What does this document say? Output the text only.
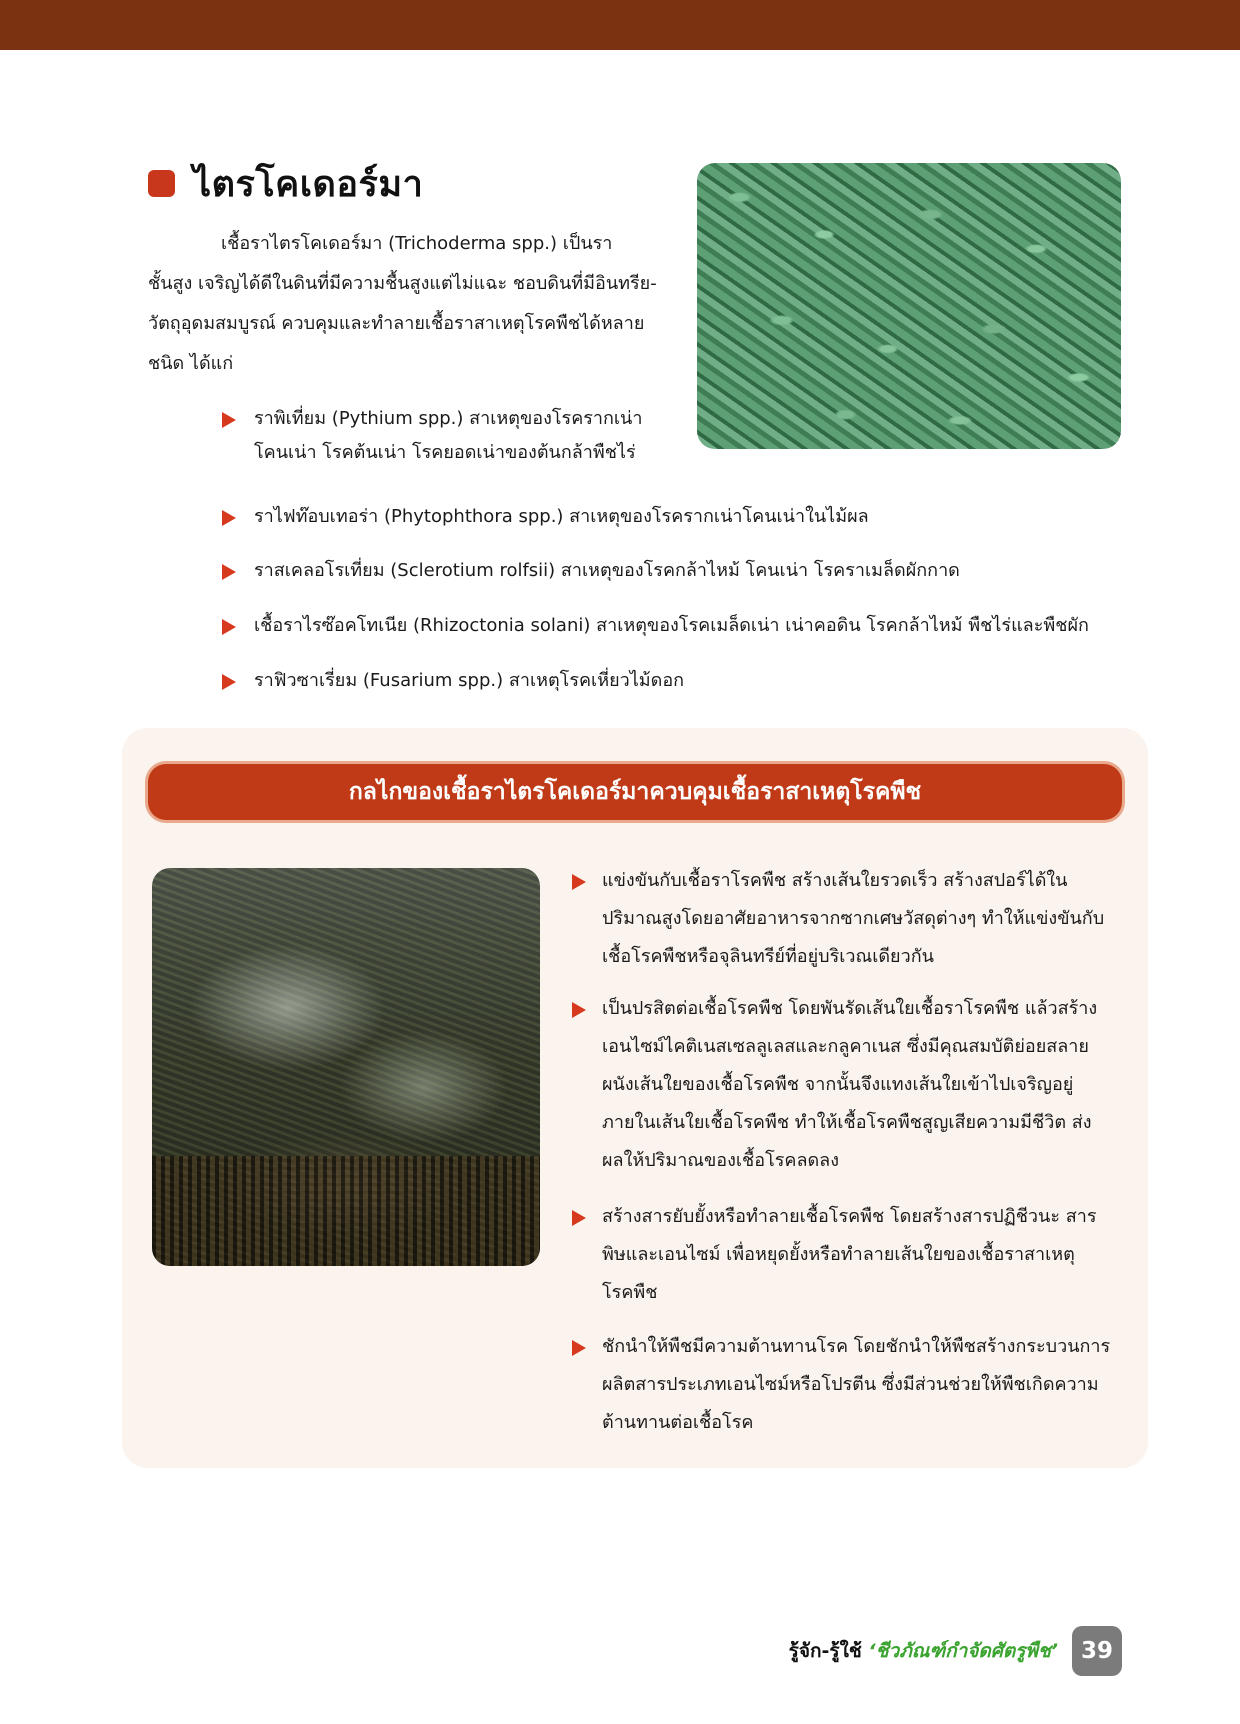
ไตรโคเดอร์มา
เชื้อราไตรโคเดอร์มา (Trichoderma spp.) เป็นรา
ชั้นสูง เจริญได้ดีในดินที่มีความชื้นสูงแต่ไม่แฉะ ชอบดินที่มีอินทรีย-
วัตถุอุดมสมบูรณ์ ควบคุมและทำลายเชื้อราสาเหตุโรคพืชได้หลาย
ชนิด ได้แก่
ราพิเที่ยม (Pythium spp.) สาเหตุของโรครากเน่า
โคนเน่า โรคต้นเน่า โรคยอดเน่าของต้นกล้าพืชไร่
ราไฟท๊อบเทอร่า (Phytophthora spp.) สาเหตุของโรครากเน่าโคนเน่าในไม้ผล
ราสเคลอโรเที่ยม (Sclerotium rolfsii) สาเหตุของโรคกล้าไหม้ โคนเน่า โรคราเมล็ดผักกาด
เชื้อราไรซ๊อคโทเนีย (Rhizoctonia solani) สาเหตุของโรคเมล็ดเน่า เน่าคอดิน โรคกล้าไหม้ พืชไร่และพืชผัก
ราฟิวซาเรี่ยม (Fusarium spp.) สาเหตุโรคเหี่ยวไม้ดอก
กลไกของเชื้อราไตรโคเดอร์มาควบคุมเชื้อราสาเหตุโรคพืช
แข่งขันกับเชื้อราโรคพืช สร้างเส้นใยรวดเร็ว สร้างสปอร์ได้ใน
ปริมาณสูงโดยอาศัยอาหารจากซากเศษวัสดุต่างๆ ทำให้แข่งขันกับ
เชื้อโรคพืชหรือจุลินทรีย์ที่อยู่บริเวณเดียวกัน
เป็นปรสิตต่อเชื้อโรคพืช โดยพันรัดเส้นใยเชื้อราโรคพืช แล้วสร้าง
เอนไซม์ไคติเนสเซลลูเลสและกลูคาเนส ซึ่งมีคุณสมบัติย่อยสลาย
ผนังเส้นใยของเชื้อโรคพืช จากนั้นจึงแทงเส้นใยเข้าไปเจริญอยู่
ภายในเส้นใยเชื้อโรคพืช ทำให้เชื้อโรคพืชสูญเสียความมีชีวิต ส่ง
ผลให้ปริมาณของเชื้อโรคลดลง
สร้างสารยับยั้งหรือทำลายเชื้อโรคพืช โดยสร้างสารปฏิชีวนะ สาร
พิษและเอนไซม์ เพื่อหยุดยั้งหรือทำลายเส้นใยของเชื้อราสาเหตุ
โรคพืช
ชักนำให้พืชมีความต้านทานโรค โดยชักนำให้พืชสร้างกระบวนการ
ผลิตสารประเภทเอนไซม์หรือโปรตีน ซึ่งมีส่วนช่วยให้พืชเกิดความ
ต้านทานต่อเชื้อโรค
รู้จัก-รู้ใช้ ‘ชีวภัณฑ์กำจัดศัตรูพืช’ 39
